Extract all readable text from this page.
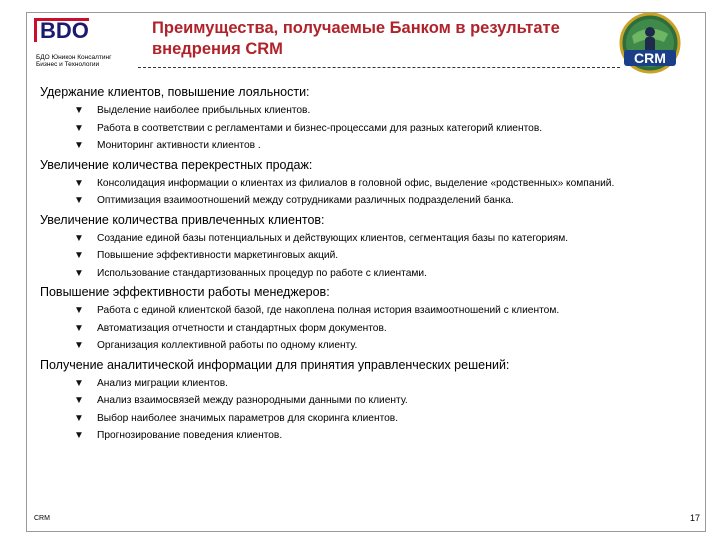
BDO
БДО Юникон Консалтинг
Бизнес и Технологии
Преимущества, получаемые Банком в результате
внедрения CRM	CRM
Удержание клиентов, повышение лояльности:
▼ Выделение наиболее прибыльных клиентов.
▼ Работа в соответствии с регламентами и бизнес-процессами для разных категорий клиентов.
▼ Мониторинг активности клиентов .
Увеличение количества перекрестных продаж:
▼ Консолидация информации о клиентах из филиалов в головной офис, выделение «родственных» компаний.
▼ Оптимизация взаимоотношений между сотрудниками различных подразделений банка.
Увеличение количества привлеченных клиентов:
▼ Создание единой базы потенциальных и действующих клиентов, сегментация базы по категориям.
▼ Повышение эффективности маркетинговых акций.
▼ Использование стандартизованных процедур по работе с клиентами.
Повышение эффективности работы менеджеров:
▼ Работа с единой клиентской базой, где накоплена полная история взаимоотношений с клиентом.
▼ Автоматизация отчетности и стандартных форм документов.
▼ Организация коллективной работы по одному клиенту.
Получение аналитической информации для принятия управленческих решений:
▼ Анализ миграции клиентов.
▼ Анализ взаимосвязей между разнородными данными по клиенту.
▼ Выбор наиболее значимых параметров для скоринга клиентов.
▼ Прогнозирование поведения клиентов.
CRM	17
